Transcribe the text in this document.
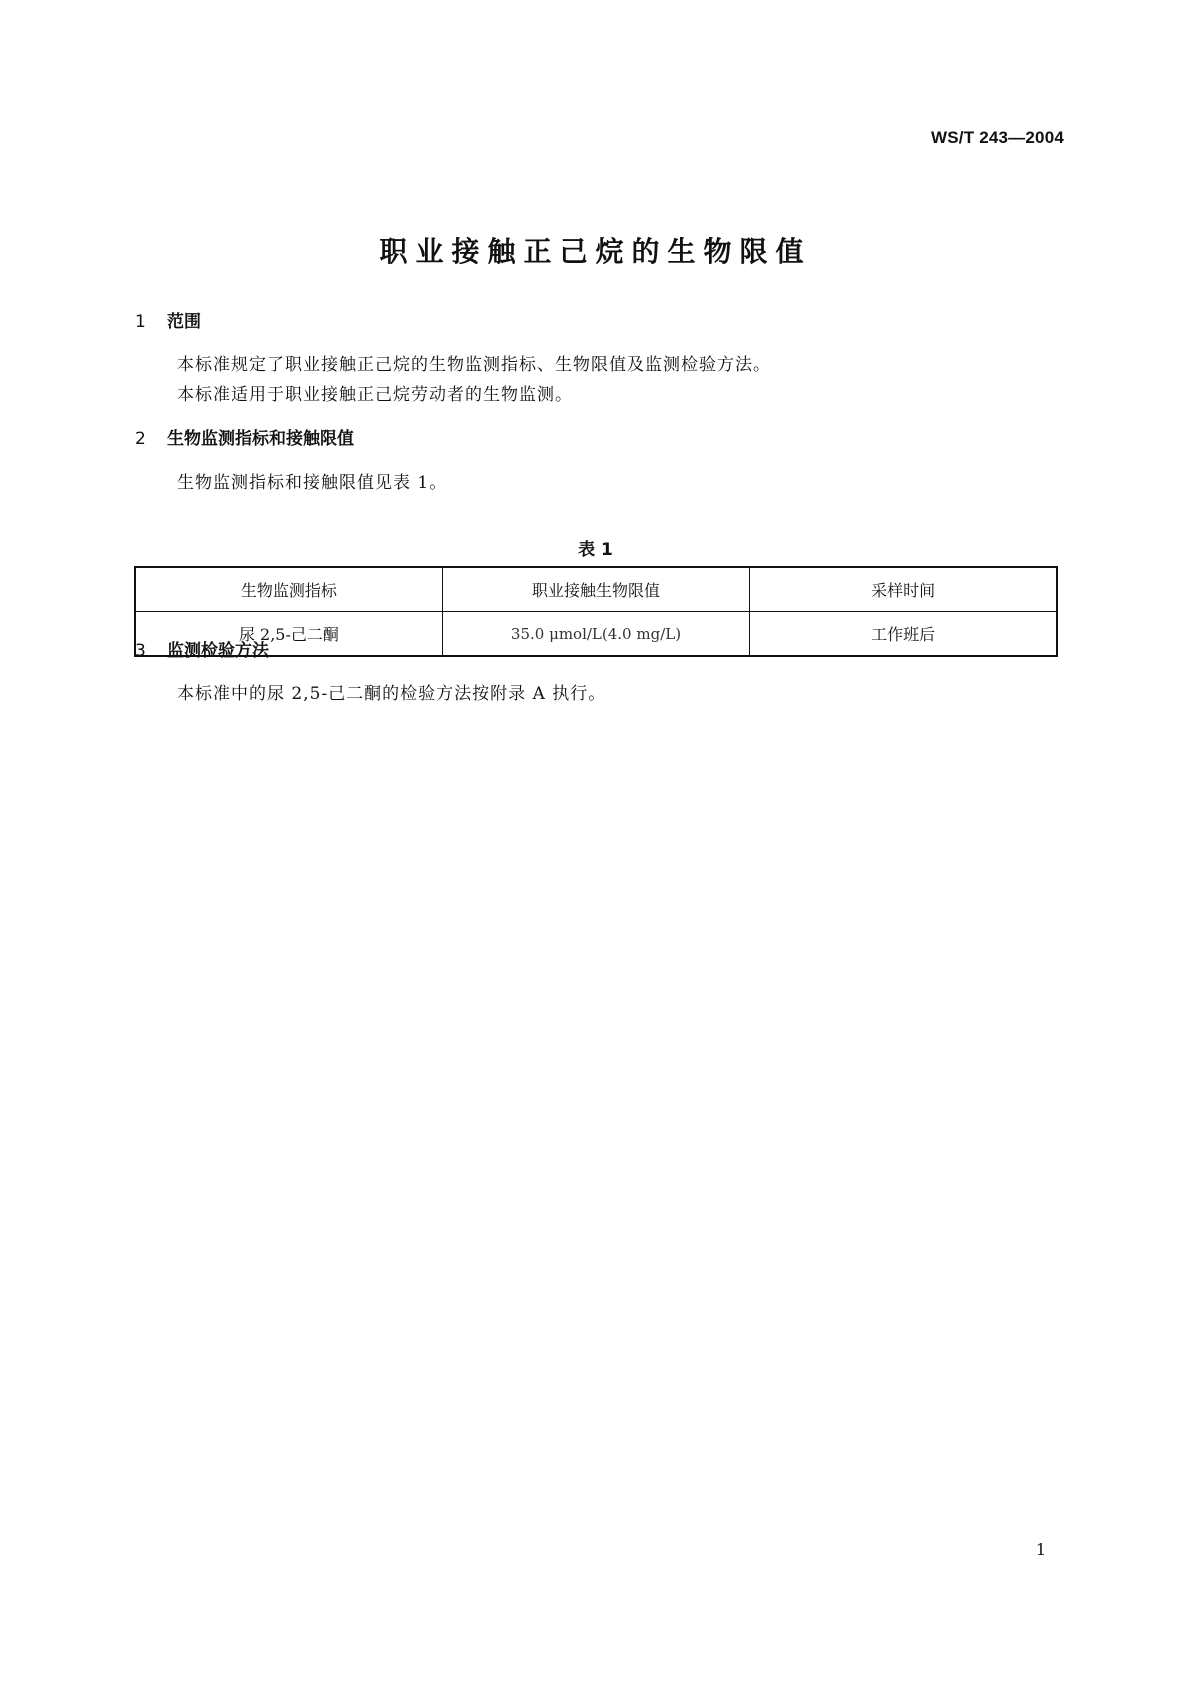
WS/T 243—2004
职业接触正己烷的生物限值
1 范围
本标准规定了职业接触正己烷的生物监测指标、生物限值及监测检验方法。
本标准适用于职业接触正己烷劳动者的生物监测。
2 生物监测指标和接触限值
生物监测指标和接触限值见表 1。
表 1
生物监测指标	职业接触生物限值	采样时间
尿 2,5-己二酮	35.0 μmol/L(4.0 mg/L)	工作班后
3 监测检验方法
本标准中的尿 2,5-己二酮的检验方法按附录 A 执行。
1
